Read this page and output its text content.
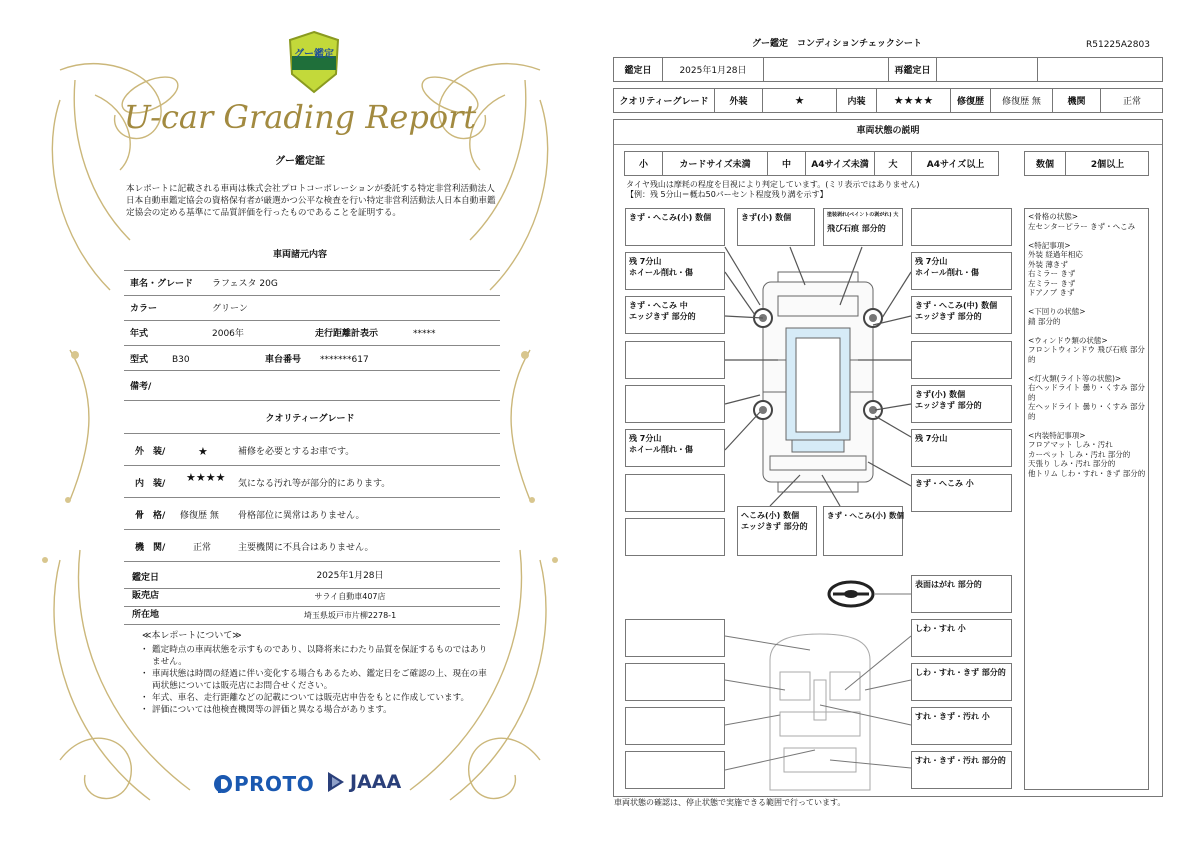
グー鑑定
U-car Grading Report
グー鑑定証
本レポートに記載される車両は株式会社プロトコーポレーションが委託する特定非営利活動法人日本自動車鑑定協会の資格保有者が厳選かつ公平な検査を行い特定非営利活動法人日本自動車鑑定協会の定める基準にて品質評価を行ったものであることを証明する。
車両諸元内容
車名・グレード ラフェスタ 20G
カラー	グリーン
年式	2006年	走行距離計表示	*****
型式	B30	車台番号 *******617
備考/
クオリティーグレード
外　装/	★	補修を必要とするお車です。
内　装/ ★★★★ 気になる汚れ等が部分的にあります。
骨　格/ 修復歴 無 骨格部位に異常はありません。
機　関/	正常	主要機関に不具合はありません。
鑑定日	2025年1月28日
販売店	サライ自動車407店
所在地	埼玉県坂戸市片柳2278-1
≪本レポートについて≫
・ 鑑定時点の車両状態を示すものであり、以降将来にわたり品質を保証するものではありません。
・ 車両状態は時間の経過に伴い変化する場合もあるため、鑑定日をご確認の上、現在の車両状態については販売店にお問合せください。
・ 年式、車名、走行距離などの記載については販売店申告をもとに作成しています。
・ 評価については他検査機関等の評価と異なる場合があります。
PROTO JAAA
グー鑑定　コンディションチェックシート	R51225A2803
鑑定日	2025年1月28日	再鑑定日
クオリティーグレード	外装	★	内装	★★★★	修復歴	修復歴 無	機関	正常
車両状態の説明
小	カードサイズ未満	中	A4サイズ未満	大	A4サイズ以上	数個	2個以上
タイヤ残山は摩耗の程度を目視により判定しています。(ミリ表示ではありません)
【例：残 5分山＝概ね50パーセント程度残り溝を示す】
きず・へこみ(小) 数個
残 7分山
ホイール削れ・傷
きず・へこみ 中
エッジきず 部分的
残 7分山
ホイール削れ・傷
きず(小) 数個	塗装剥れ(ペイントの剥がれ) 大
飛び石痕 部分的
残 7分山
ホイール削れ・傷
きず・へこみ(中) 数個
エッジきず 部分的
きず(小) 数個
エッジきず 部分的
残 7分山
きず・へこみ 小
へこみ(小) 数個
エッジきず 部分的
きず・へこみ(小) 数個
表面はがれ 部分的
しわ・すれ 小
しわ・すれ・きず 部分的
すれ・きず・汚れ 小
すれ・きず・汚れ 部分的
<骨格の状態>
左センターピラー きず・へこみ
<特記事項>
外装 経過年相応
外装 薄きず
右ミラー きず
左ミラー きず
ドアノブ きず
<下回りの状態>
錆 部分的
<ウィンドウ類の状態>
フロントウィンドウ 飛び石痕 部分的
<灯火類(ライト等の状態)>
右ヘッドライト 曇り・くすみ 部分的
左ヘッドライト 曇り・くすみ 部分的
<内装特記事項>
フロアマット しみ・汚れ
カーペット しみ・汚れ 部分的
天張り しみ・汚れ 部分的
他トリム しわ・すれ・きず 部分的
車両状態の確認は、停止状態で実施できる範囲で行っています。
